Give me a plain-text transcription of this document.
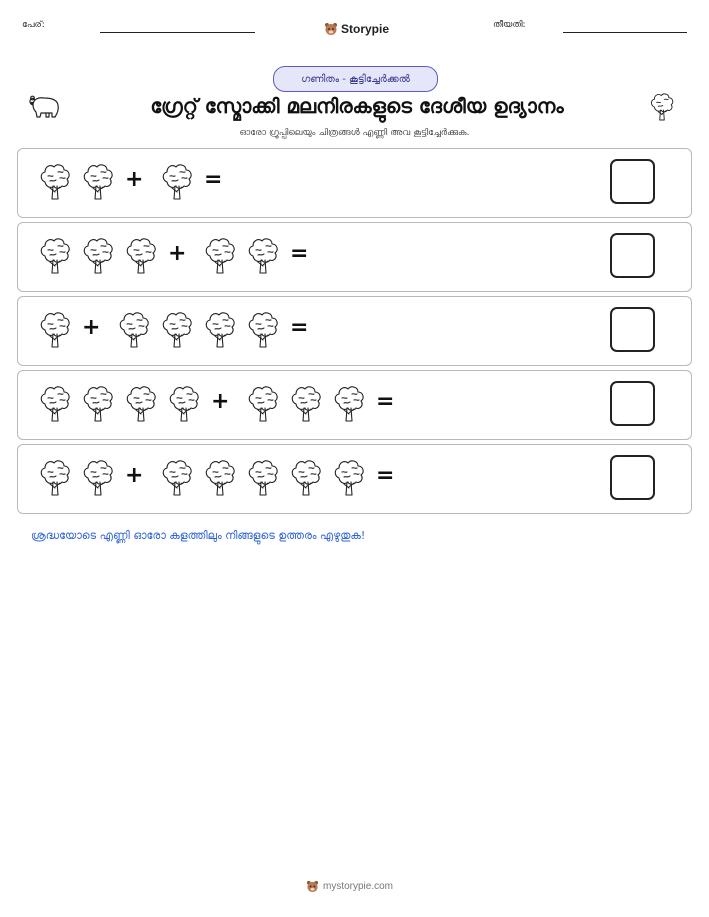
പേര്:	Storypie	തീയതി:
ഗണിതം - കൂട്ടിച്ചേർക്കൽ
ഗ്രേറ്റ് സ്മോക്കി മലനിരകളുടെ ദേശീയ ഉദ്യാനം
ഓരോ ഗ്രൂപ്പിലെയും ചിത്രങ്ങൾ എണ്ണി അവ കൂട്ടിച്ചേർക്കുക.
+	=
+	=
+	=
+	=
+	=
ശ്രദ്ധയോടെ എണ്ണി ഓരോ കളത്തിലും നിങ്ങളുടെ ഉത്തരം എഴുതുക!
mystorypie.com
